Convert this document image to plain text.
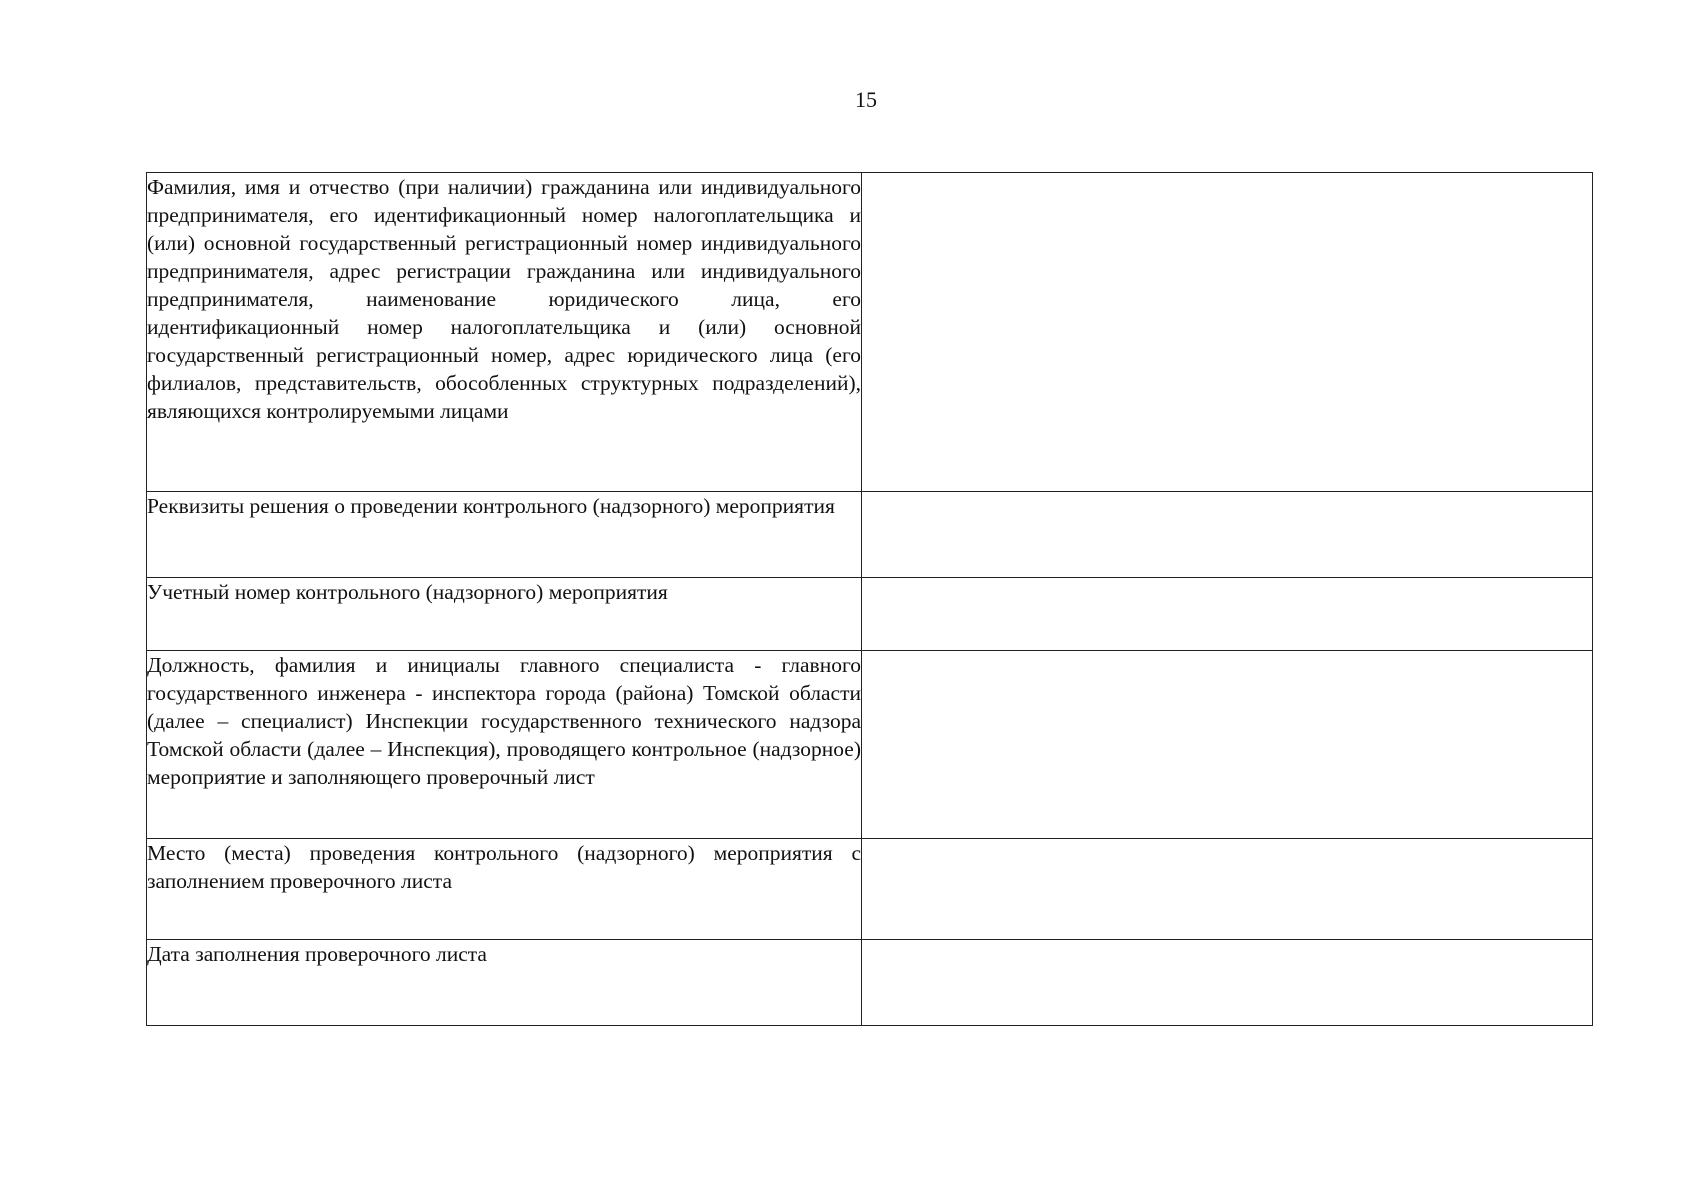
15
Фамилия, имя и отчество (при наличии) гражданина или индивидуального предпринимателя, его идентификационный номер налогоплательщика и (или) основной государственный регистрационный номер индивидуального предпринимателя, адрес регистрации гражданина или индивидуального предпринимателя, наименование юридического лица, его идентификационный номер налогоплательщика и (или) основной государственный регистрационный номер, адрес юридического лица (его филиалов, представительств, обособленных структурных подразделений), являющихся контролируемыми лицами	
Реквизиты решения о проведении контрольного (надзорного) мероприятия	
Учетный номер контрольного (надзорного) мероприятия	
Должность, фамилия и инициалы главного специалиста - главного государственного инженера - инспектора города (района) Томской области (далее – специалист) Инспекции государственного технического надзора Томской области (далее – Инспекция), проводящего контрольное (надзорное) мероприятие и заполняющего проверочный лист	
Место (места) проведения контрольного (надзорного) мероприятия с заполнением проверочного листа	
Дата заполнения проверочного листа	
